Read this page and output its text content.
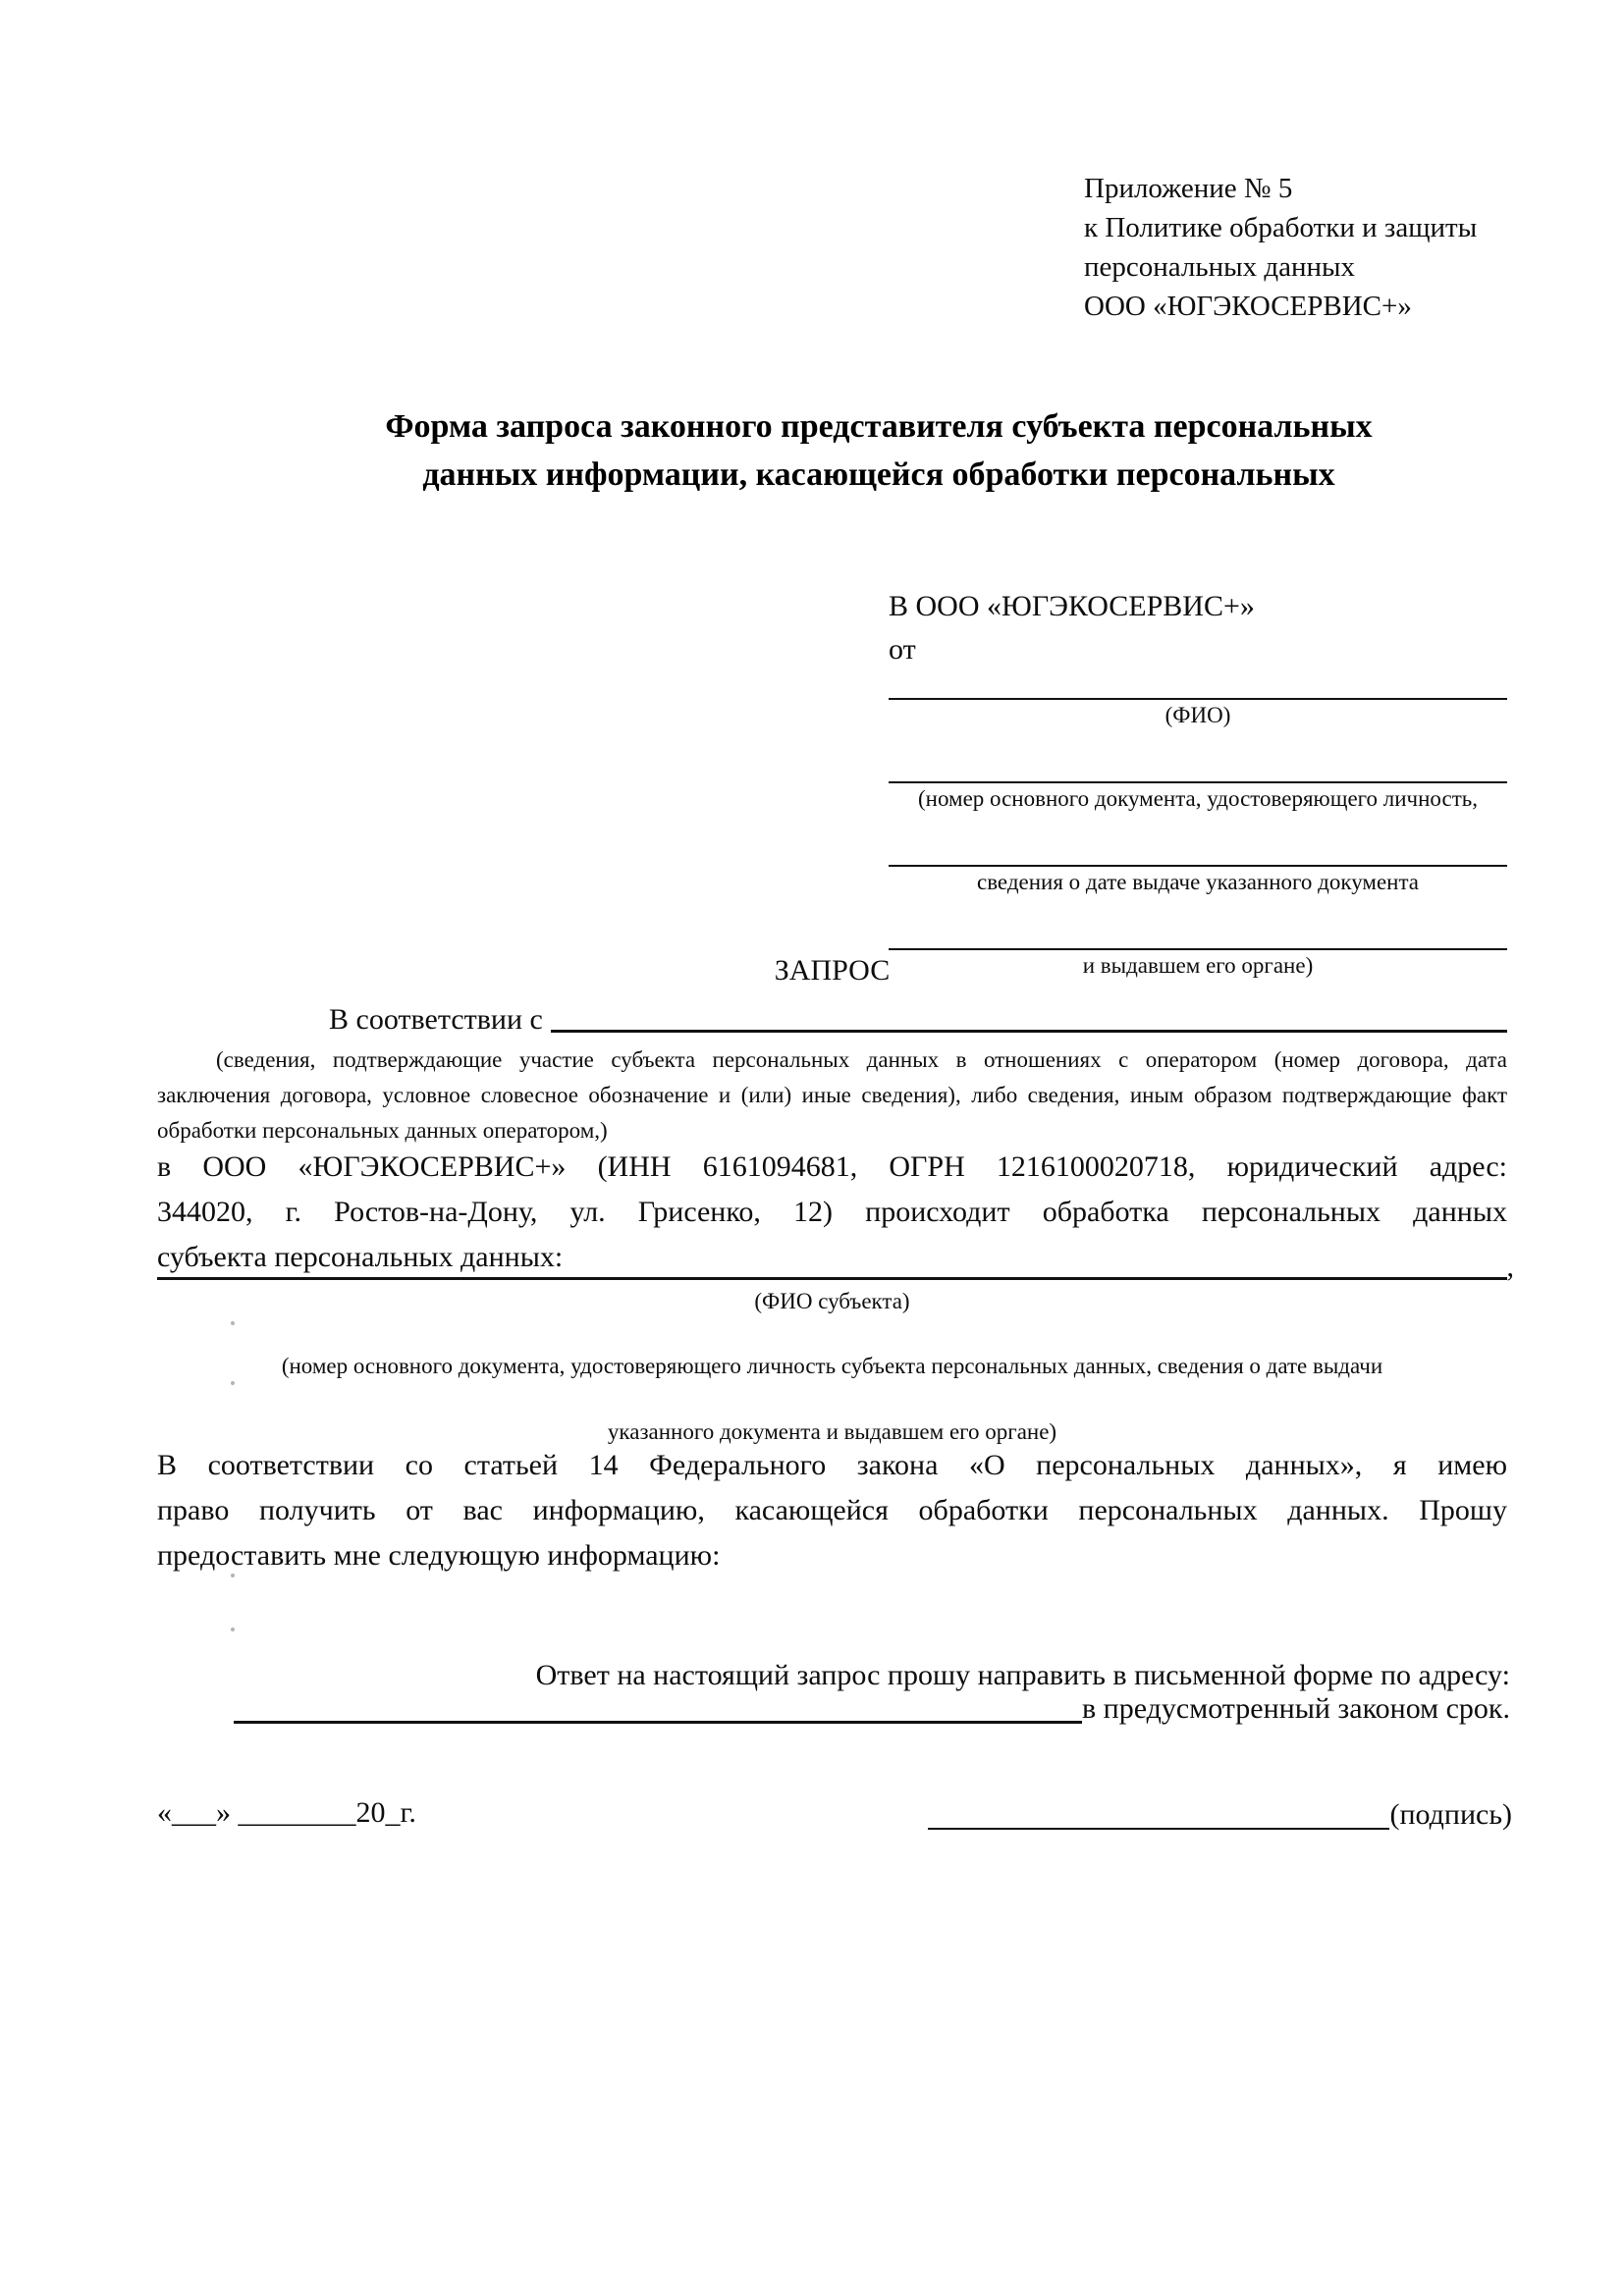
Приложение № 5
к Политике обработки и защиты
персональных данных
ООО «ЮГЭКОСЕРВИС+»
Форма запроса законного представителя субъекта персональных
данных информации, касающейся обработки персональных
В ООО «ЮГЭКОСЕРВИС+»
от
(ФИО)
(номер основного документа, удостоверяющего личность,
сведения о дате выдаче указанного документа
и выдавшем его органе)
ЗАПРОС
В соответствии с
(сведения, подтверждающие участие субъекта персональных данных в отношениях с оператором (номер договора, дата
заключения договора, условное словесное обозначение и (или) иные сведения), либо сведения, иным образом подтверждающие факт
обработки персональных данных оператором,)
в ООО «ЮГЭКОСЕРВИС+» (ИНН 6161094681, ОГРН 1216100020718, юридический адрес:
344020, г. Ростов-на-Дону, ул. Грисенко, 12) происходит обработка персональных данных
субъекта персональных данных:	,
(ФИО субъекта)
(номер основного документа, удостоверяющего личность субъекта персональных данных, сведения о дате выдачи
указанного документа и выдавшем его органе)
В соответствии со статьей 14 Федерального закона «О персональных данных», я имею
право получить от вас информацию, касающейся обработки персональных данных. Прошу
предоставить мне следующую информацию:
Ответ на настоящий запрос прошу направить в письменной форме по адресу:
в предусмотренный законом срок.
«___» ________20_г.	(подпись)
